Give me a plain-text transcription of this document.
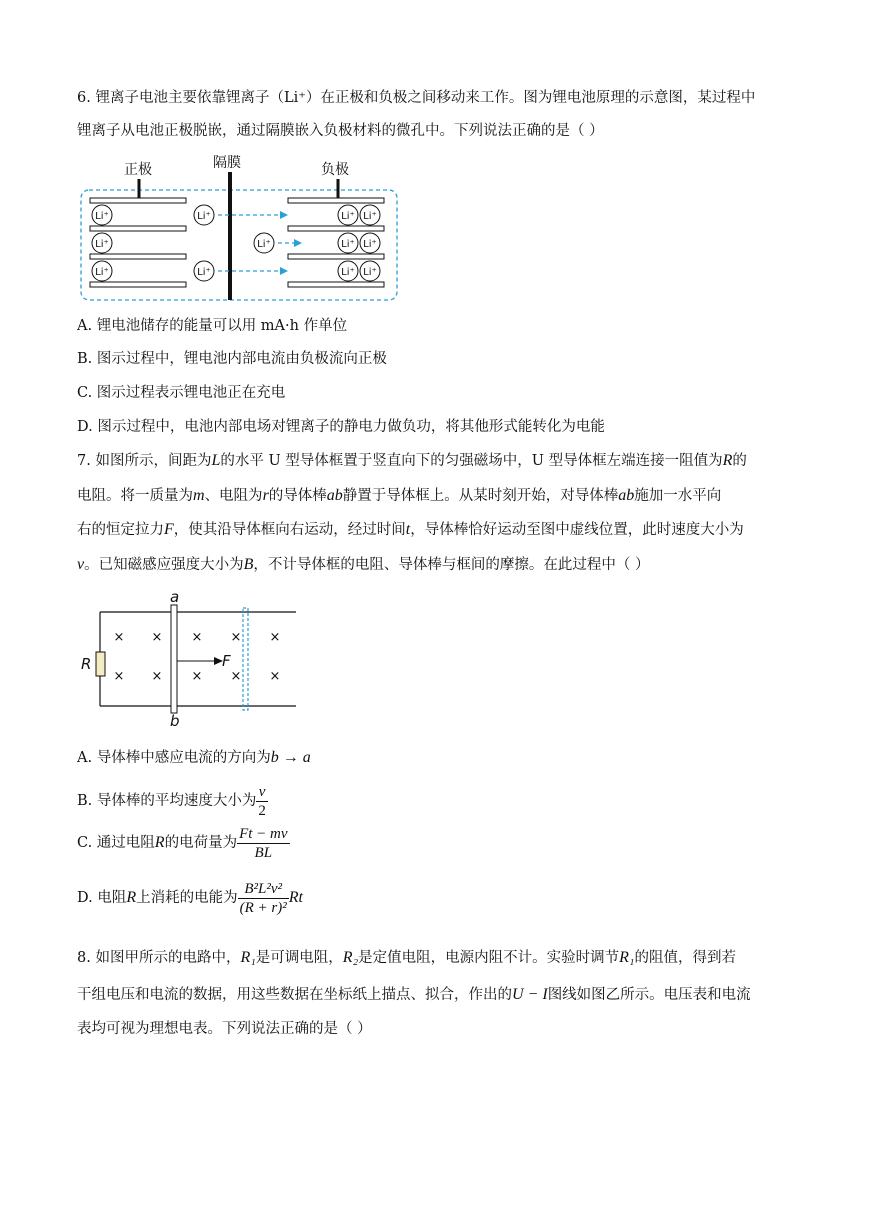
6. 锂离子电池主要依靠锂离子（Li⁺）在正极和负极之间移动来工作。图为锂电池原理的示意图，某过程中
锂离子从电池正极脱嵌，通过隔膜嵌入负极材料的微孔中。下列说法正确的是（ ）
正极	隔膜	负极
Li⁺
Li⁺
Li⁺
Li⁺
Li⁺
Li⁺
Li⁺ Li⁺
Li⁺ Li⁺
Li⁺ Li⁺
A. 锂电池储存的能量可以用 mA·h 作单位
B. 图示过程中，锂电池内部电流由负极流向正极
C. 图示过程表示锂电池正在充电
D. 图示过程中，电池内部电场对锂离子的静电力做负功，将其他形式能转化为电能
7. 如图所示，间距为L的水平 U 型导体框置于竖直向下的匀强磁场中，U 型导体框左端连接一阻值为R的
电阻。将一质量为m、电阻为r的导体棒ab静置于导体框上。从某时刻开始，对导体棒ab施加一水平向
右的恒定拉力F，使其沿导体框向右运动，经过时间t，导体棒恰好运动至图中虚线位置，此时速度大小为
v。已知磁感应强度大小为B，不计导体框的电阻、导体棒与框间的摩擦。在此过程中（ ）
R
a
b
F
× × × × ×
× × × × ×
A. 导体棒中感应电流的方向为b → a
B. 导体棒的平均速度大小为 $\frac{v}{2}$
C. 通过电阻R的电荷量为 $\frac{Ft - mv}{BL}$
D. 电阻R上消耗的电能为 $\frac{\text{B²L²v²}}{\text{(R + r)²}}$ Rt
8. 如图甲所示的电路中，R₁是可调电阻，R₂是定值电阻，电源内阻不计。实验时调节R₁的阻值，得到若
干组电压和电流的数据，用这些数据在坐标纸上描点、拟合，作出的U − I图线如图乙所示。电压表和电流
表均可视为理想电表。下列说法正确的是（ ）
